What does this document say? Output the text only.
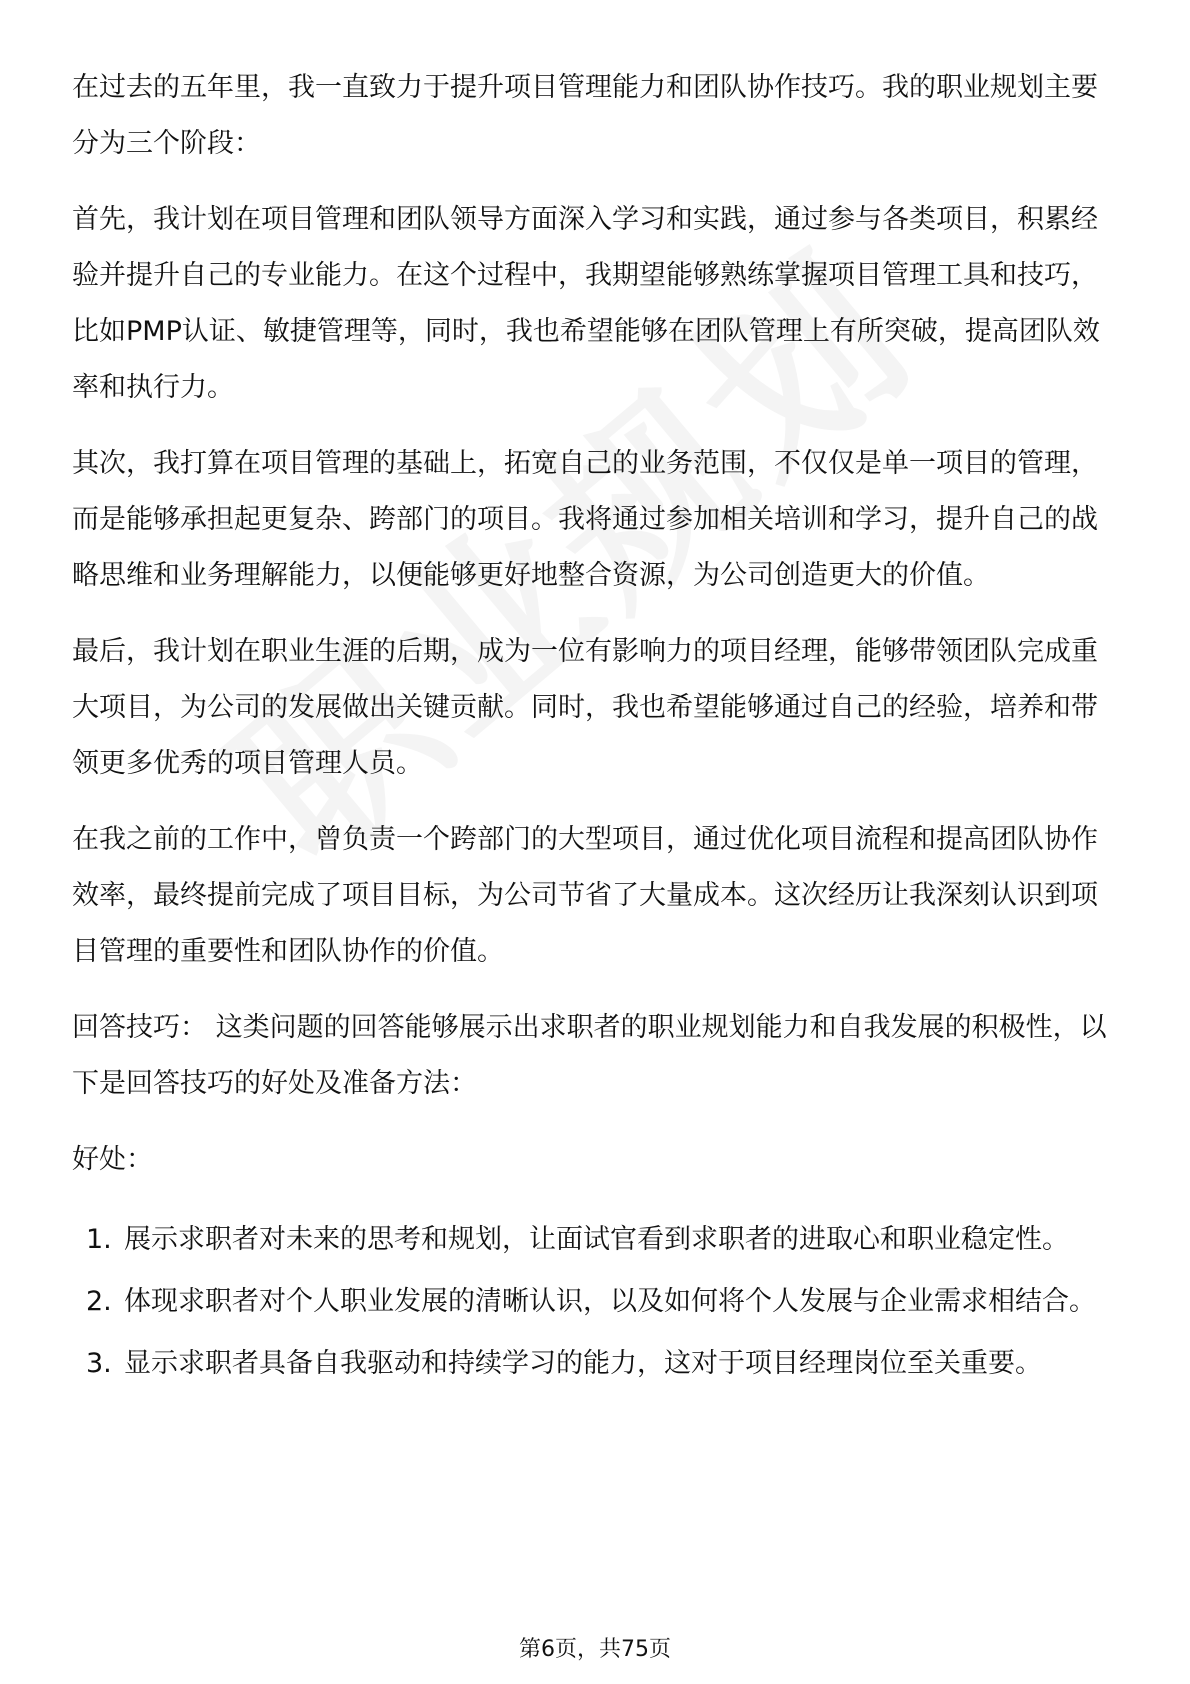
在过去的五年里，我一直致力于提升项目管理能力和团队协作技巧。我的职业规划主要分为三个阶段：

首先，我计划在项目管理和团队领导方面深入学习和实践，通过参与各类项目，积累经验并提升自己的专业能力。在这个过程中，我期望能够熟练掌握项目管理工具和技巧，比如PMP认证、敏捷管理等，同时，我也希望能够在团队管理上有所突破，提高团队效率和执行力。

其次，我打算在项目管理的基础上，拓宽自己的业务范围，不仅仅是单一项目的管理，而是能够承担起更复杂、跨部门的项目。我将通过参加相关培训和学习，提升自己的战略思维和业务理解能力，以便能够更好地整合资源，为公司创造更大的价值。

最后，我计划在职业生涯的后期，成为一位有影响力的项目经理，能够带领团队完成重大项目，为公司的发展做出关键贡献。同时，我也希望能够通过自己的经验，培养和带领更多优秀的项目管理人员。

在我之前的工作中，曾负责一个跨部门的大型项目，通过优化项目流程和提高团队协作效率，最终提前完成了项目目标，为公司节省了大量成本。这次经历让我深刻认识到项目管理的重要性和团队协作的价值。

回答技巧： 这类问题的回答能够展示出求职者的职业规划能力和自我发展的积极性，以下是回答技巧的好处及准备方法：

好处：

1. 展示求职者对未来的思考和规划，让面试官看到求职者的进取心和职业稳定性。
2. 体现求职者对个人职业发展的清晰认识，以及如何将个人发展与企业需求相结合。
3. 显示求职者具备自我驱动和持续学习的能力，这对于项目经理岗位至关重要。
第6页，共75页
